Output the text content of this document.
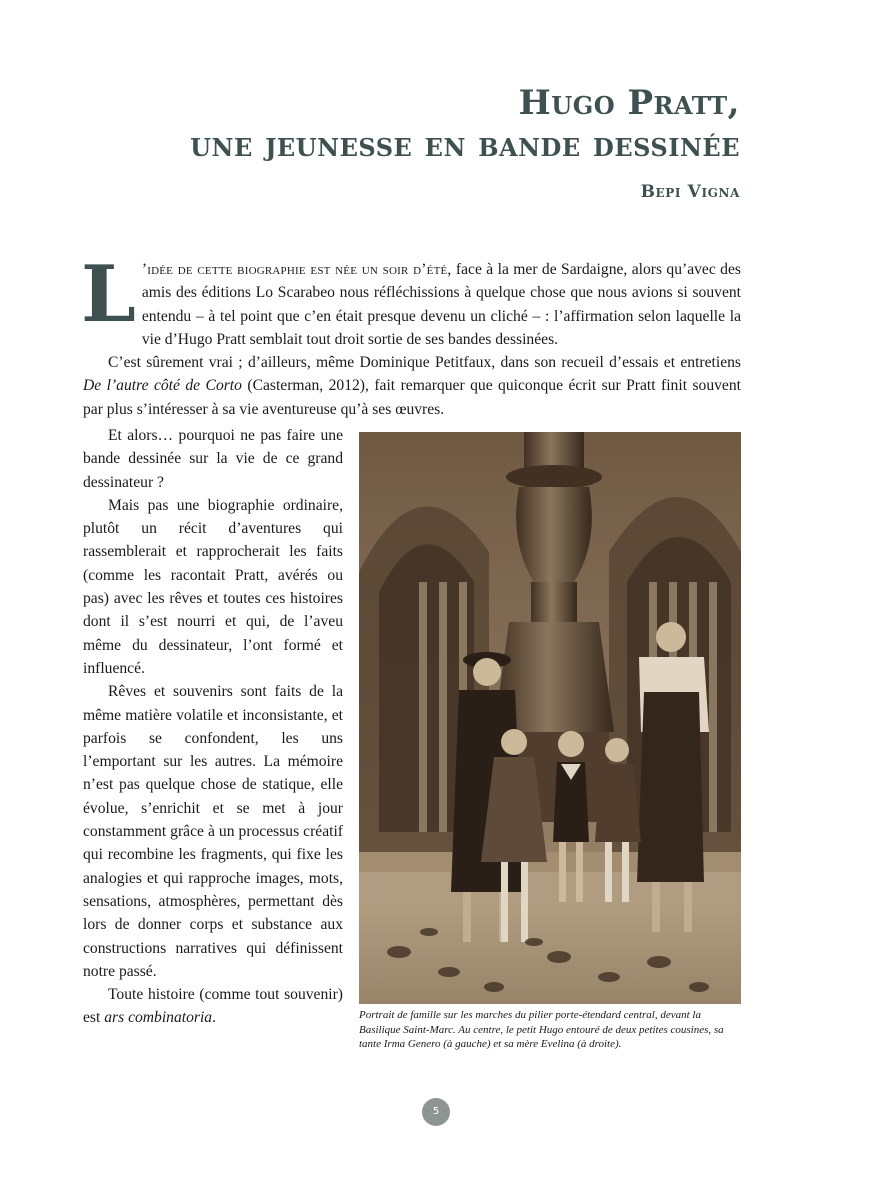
Hugo Pratt,
une jeunesse en bande dessinée
Bepi Vigna

L ’idée de cette biographie est née un soir d’été, face à la mer de Sardaigne, alors qu’avec des amis des éditions Lo Scarabeo nous réfléchissions à quelque chose que nous avions si souvent entendu – à tel point que c’en était presque devenu un cliché – : l’affirmation selon laquelle la vie d’Hugo Pratt semblait tout droit sortie de ses bandes dessinées.

C’est sûrement vrai ; d’ailleurs, même Dominique Petitfaux, dans son recueil d’essais et entretiens De l’autre côté de Corto (Casterman, 2012), fait remarquer que quiconque écrit sur Pratt finit souvent par plus s’intéresser à sa vie aventureuse qu’à ses œuvres.

Et alors… pourquoi ne pas faire une bande dessinée sur la vie de ce grand dessinateur ?

Mais pas une biographie ordinaire, plutôt un récit d’aventures qui rassemblerait et rapprocherait les faits (comme les racontait Pratt, avérés ou pas) avec les rêves et toutes ces histoires dont il s’est nourri et qui, de l’aveu même du dessinateur, l’ont formé et influencé.

Rêves et souvenirs sont faits de la même matière volatile et inconsistante, et parfois se confondent, les uns l’emportant sur les autres. La mémoire n’est pas quelque chose de statique, elle évolue, s’enrichit et se met à jour constamment grâce à un processus créatif qui recombine les fragments, qui fixe les analogies et qui rapproche images, mots, sensations, atmosphères, permettant dès lors de donner corps et substance aux constructions narratives qui définissent notre passé.

Toute histoire (comme tout souvenir) est ars combinatoria.	Portrait de famille sur les marches du pilier porte-étendard central, devant la Basilique Saint-Marc. Au centre, le petit Hugo entouré de deux petites cousines, sa tante Irma Genero (à gauche) et sa mère Evelina (à droite).
5
